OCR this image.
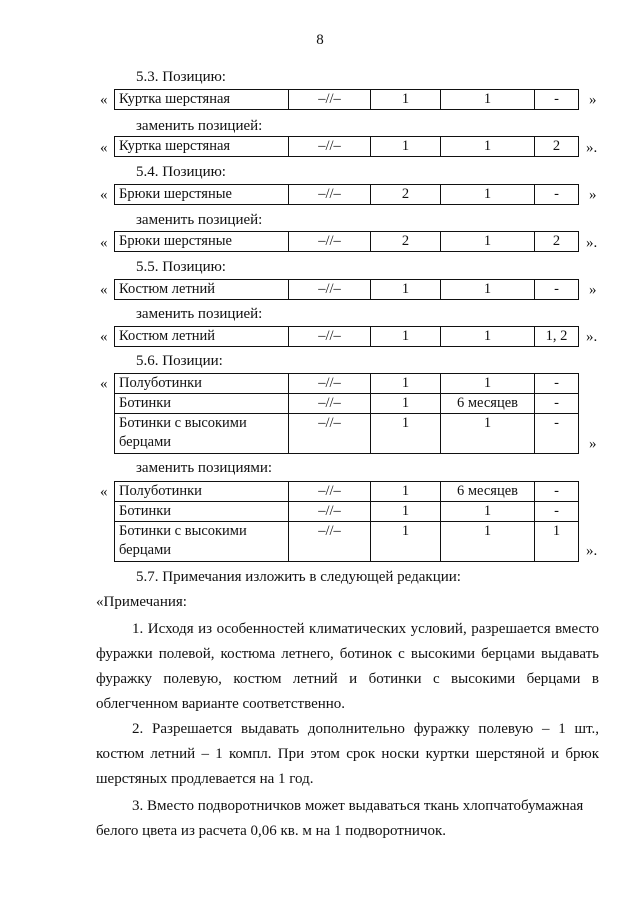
8
5.3. Позицию:
« Куртка шерстяная	–//–	1	1	- »
заменить позицией:
« Куртка шерстяная	–//–	1	1	2 ».
5.4. Позицию:
« Брюки шерстяные	–//–	2	1	- »
заменить позицией:
« Брюки шерстяные	–//–	2	1	2 ».
5.5. Позицию:
« Костюм летний	–//–	1	1	- »
заменить позицией:
« Костюм летний	–//–	1	1	1, 2 ».
5.6. Позиции:
« Полуботинки	–//–	1	1	-
Ботинки	–//–	1	6 месяцев	-
Ботинки с высокими берцами	–//–	1	1	-
»
заменить позициями:
« Полуботинки	–//–	1	6 месяцев	-
Ботинки	–//–	1	1	-
Ботинки с высокими берцами	–//–	1	1	1
».
5.7. Примечания изложить в следующей редакции:
«Примечания:

1. Исходя из особенностей климатических условий, разрешается вместо фуражки полевой, костюма летнего, ботинок с высокими берцами выдавать фуражку полевую, костюм летний и ботинки с высокими берцами в облегченном варианте соответственно.

2. Разрешается выдавать дополнительно фуражку полевую – 1 шт., костюм летний – 1 компл. При этом срок носки куртки шерстяной и брюк шерстяных продлевается на 1 год.

3. Вместо подворотничков может выдаваться ткань хлопчатобумажная белого цвета из расчета 0,06 кв. м на 1 подворотничок.
